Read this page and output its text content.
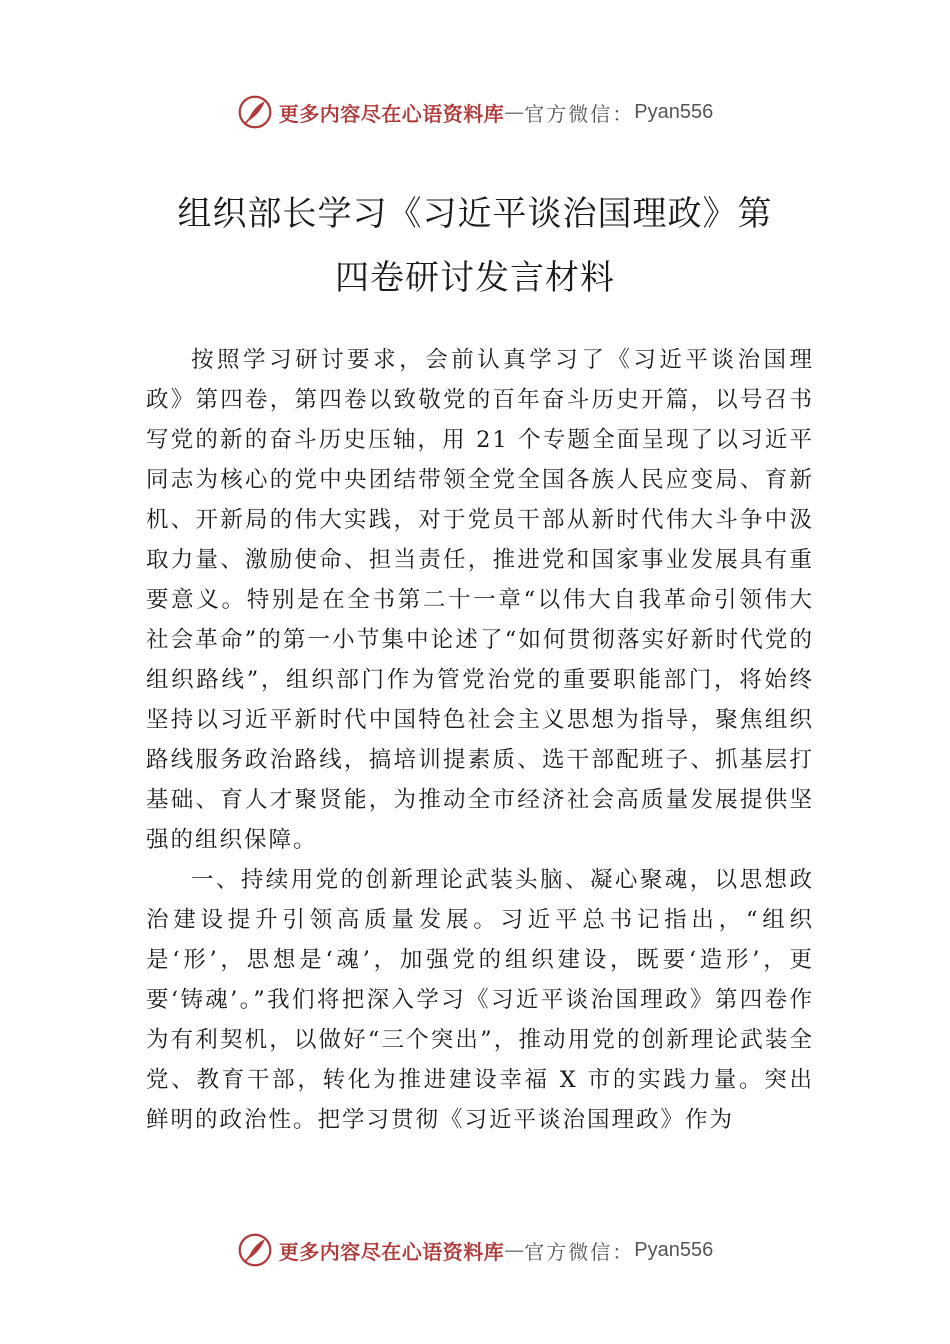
更多内容尽在心语资料库 — 官方微信： Pyan556
组织部长学习《习近平谈治国理政》第
四卷研讨发言材料

按照学习研讨要求，会前认真学习了《习近平谈治国理政》第四卷，第四卷以致敬党的百年奋斗历史开篇，以号召书写党的新的奋斗历史压轴，用 21 个专题全面呈现了以习近平同志为核心的党中央团结带领全党全国各族人民应变局、育新机、开新局的伟大实践，对于党员干部从新时代伟大斗争中汲取力量、激励使命、担当责任，推进党和国家事业发展具有重要意义。特别是在全书第二十一章“以伟大自我革命引领伟大社会革命”的第一小节集中论述了“如何贯彻落实好新时代党的组织路线”，组织部门作为管党治党的重要职能部门，将始终坚持以习近平新时代中国特色社会主义思想为指导，聚焦组织路线服务政治路线，搞培训提素质、选干部配班子、抓基层打基础、育人才聚贤能，为推动全市经济社会高质量发展提供坚强的组织保障。

一、持续用党的创新理论武装头脑、凝心聚魂，以思想政治建设提升引领高质量发展。习近平总书记指出，“组织是‘形’，思想是‘魂’，加强党的组织建设，既要‘造形’，更要‘铸魂’。”我们将把深入学习《习近平谈治国理政》第四卷作为有利契机，以做好“三个突出”，推动用党的创新理论武装全党、教育干部，转化为推进建设幸福 X 市的实践力量。突出鲜明的政治性。把学习贯彻《习近平谈治国理政》作为

更多内容尽在心语资料库 — 官方微信： Pyan556
